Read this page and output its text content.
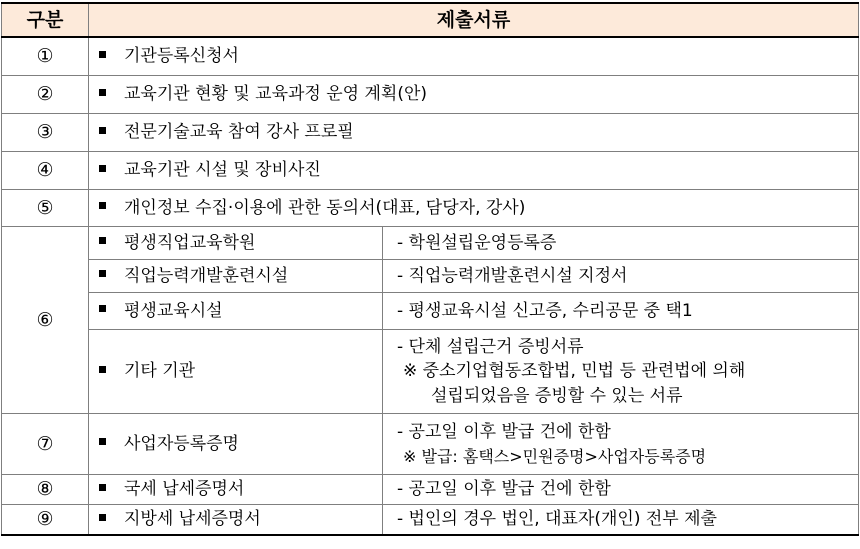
구분	제출서류	
①	기관등록신청서	
②	교육기관 현황 및 교육과정 운영 계획(안)	
③	전문기술교육 참여 강사 프로필	
④	교육기관 시설 및 장비사진	
⑤	개인정보 수집·이용에 관한 동의서(대표, 담당자, 강사)	
⑥	평생직업교육학원	- 학원설립운영등록증
	직업능력개발훈련시설	- 직업능력개발훈련시설 지정서
	평생교육시설	- 평생교육시설 신고증, 수리공문 중 택1
	기타 기관	- 단체 설립근거 증빙서류
※ 중소기업협동조합법, 민법 등 관련법에 의해
설립되었음을 증빙할 수 있는 서류

⑦	사업자등록증명	- 공고일 이후 발급 건에 한함
※ 발급: 홈택스>민원증명>사업자등록증명

⑧	국세 납세증명서	- 공고일 이후 발급 건에 한함
⑨	지방세 납세증명서	- 법인의 경우 법인, 대표자(개인) 전부 제출
